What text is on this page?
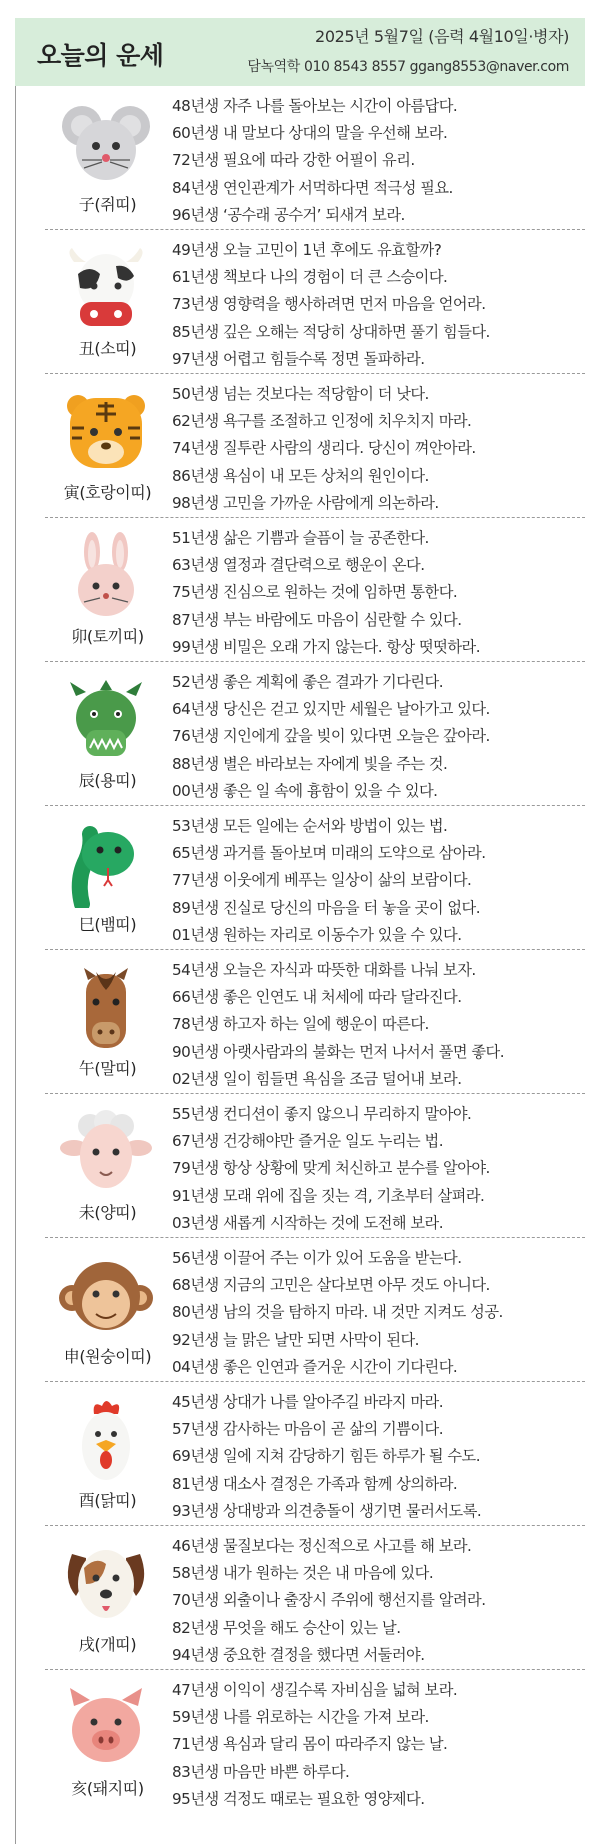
오늘의 운세
2025년 5월7일 (음력 4월10일·병자)
담녹역학 010 8543 8557 ggang8553@naver.com
子(쥐띠)
48년생 자주 나를 돌아보는 시간이 아름답다.
60년생 내 말보다 상대의 말을 우선해 보라.
72년생 필요에 따라 강한 어필이 유리.
84년생 연인관계가 서먹하다면 적극성 필요.
96년생 ‘공수래 공수거’ 되새겨 보라.
丑(소띠)
49년생 오늘 고민이 1년 후에도 유효할까?
61년생 책보다 나의 경험이 더 큰 스승이다.
73년생 영향력을 행사하려면 먼저 마음을 얻어라.
85년생 깊은 오해는 적당히 상대하면 풀기 힘들다.
97년생 어렵고 힘들수록 정면 돌파하라.
寅(호랑이띠)
50년생 넘는 것보다는 적당함이 더 낫다.
62년생 욕구를 조절하고 인정에 치우치지 마라.
74년생 질투란 사람의 생리다. 당신이 껴안아라.
86년생 욕심이 내 모든 상처의 원인이다.
98년생 고민을 가까운 사람에게 의논하라.
卯(토끼띠)
51년생 삶은 기쁨과 슬픔이 늘 공존한다.
63년생 열정과 결단력으로 행운이 온다.
75년생 진심으로 원하는 것에 임하면 통한다.
87년생 부는 바람에도 마음이 심란할 수 있다.
99년생 비밀은 오래 가지 않는다. 항상 떳떳하라.
辰(용띠)
52년생 좋은 계획에 좋은 결과가 기다린다.
64년생 당신은 걷고 있지만 세월은 날아가고 있다.
76년생 지인에게 갚을 빚이 있다면 오늘은 갚아라.
88년생 별은 바라보는 자에게 빛을 주는 것.
00년생 좋은 일 속에 흉함이 있을 수 있다.
巳(뱀띠)
53년생 모든 일에는 순서와 방법이 있는 법.
65년생 과거를 돌아보며 미래의 도약으로 삼아라.
77년생 이웃에게 베푸는 일상이 삶의 보람이다.
89년생 진실로 당신의 마음을 터 놓을 곳이 없다.
01년생 원하는 자리로 이동수가 있을 수 있다.
午(말띠)
54년생 오늘은 자식과 따뜻한 대화를 나눠 보자.
66년생 좋은 인연도 내 처세에 따라 달라진다.
78년생 하고자 하는 일에 행운이 따른다.
90년생 아랫사람과의 불화는 먼저 나서서 풀면 좋다.
02년생 일이 힘들면 욕심을 조금 덜어내 보라.
未(양띠)
55년생 컨디션이 좋지 않으니 무리하지 말아야.
67년생 건강해야만 즐거운 일도 누리는 법.
79년생 항상 상황에 맞게 처신하고 분수를 알아야.
91년생 모래 위에 집을 짓는 격, 기초부터 살펴라.
03년생 새롭게 시작하는 것에 도전해 보라.
申(원숭이띠)
56년생 이끌어 주는 이가 있어 도움을 받는다.
68년생 지금의 고민은 살다보면 아무 것도 아니다.
80년생 남의 것을 탐하지 마라. 내 것만 지켜도 성공.
92년생 늘 맑은 날만 되면 사막이 된다.
04년생 좋은 인연과 즐거운 시간이 기다린다.
酉(닭띠)
45년생 상대가 나를 알아주길 바라지 마라.
57년생 감사하는 마음이 곧 삶의 기쁨이다.
69년생 일에 지쳐 감당하기 힘든 하루가 될 수도.
81년생 대소사 결정은 가족과 함께 상의하라.
93년생 상대방과 의견충돌이 생기면 물러서도록.
戌(개띠)
46년생 물질보다는 정신적으로 사고를 해 보라.
58년생 내가 원하는 것은 내 마음에 있다.
70년생 외출이나 출장시 주위에 행선지를 알려라.
82년생 무엇을 해도 승산이 있는 날.
94년생 중요한 결정을 했다면 서둘러야.
亥(돼지띠)
47년생 이익이 생길수록 자비심을 넓혀 보라.
59년생 나를 위로하는 시간을 가져 보라.
71년생 욕심과 달리 몸이 따라주지 않는 날.
83년생 마음만 바쁜 하루다.
95년생 걱정도 때로는 필요한 영양제다.
